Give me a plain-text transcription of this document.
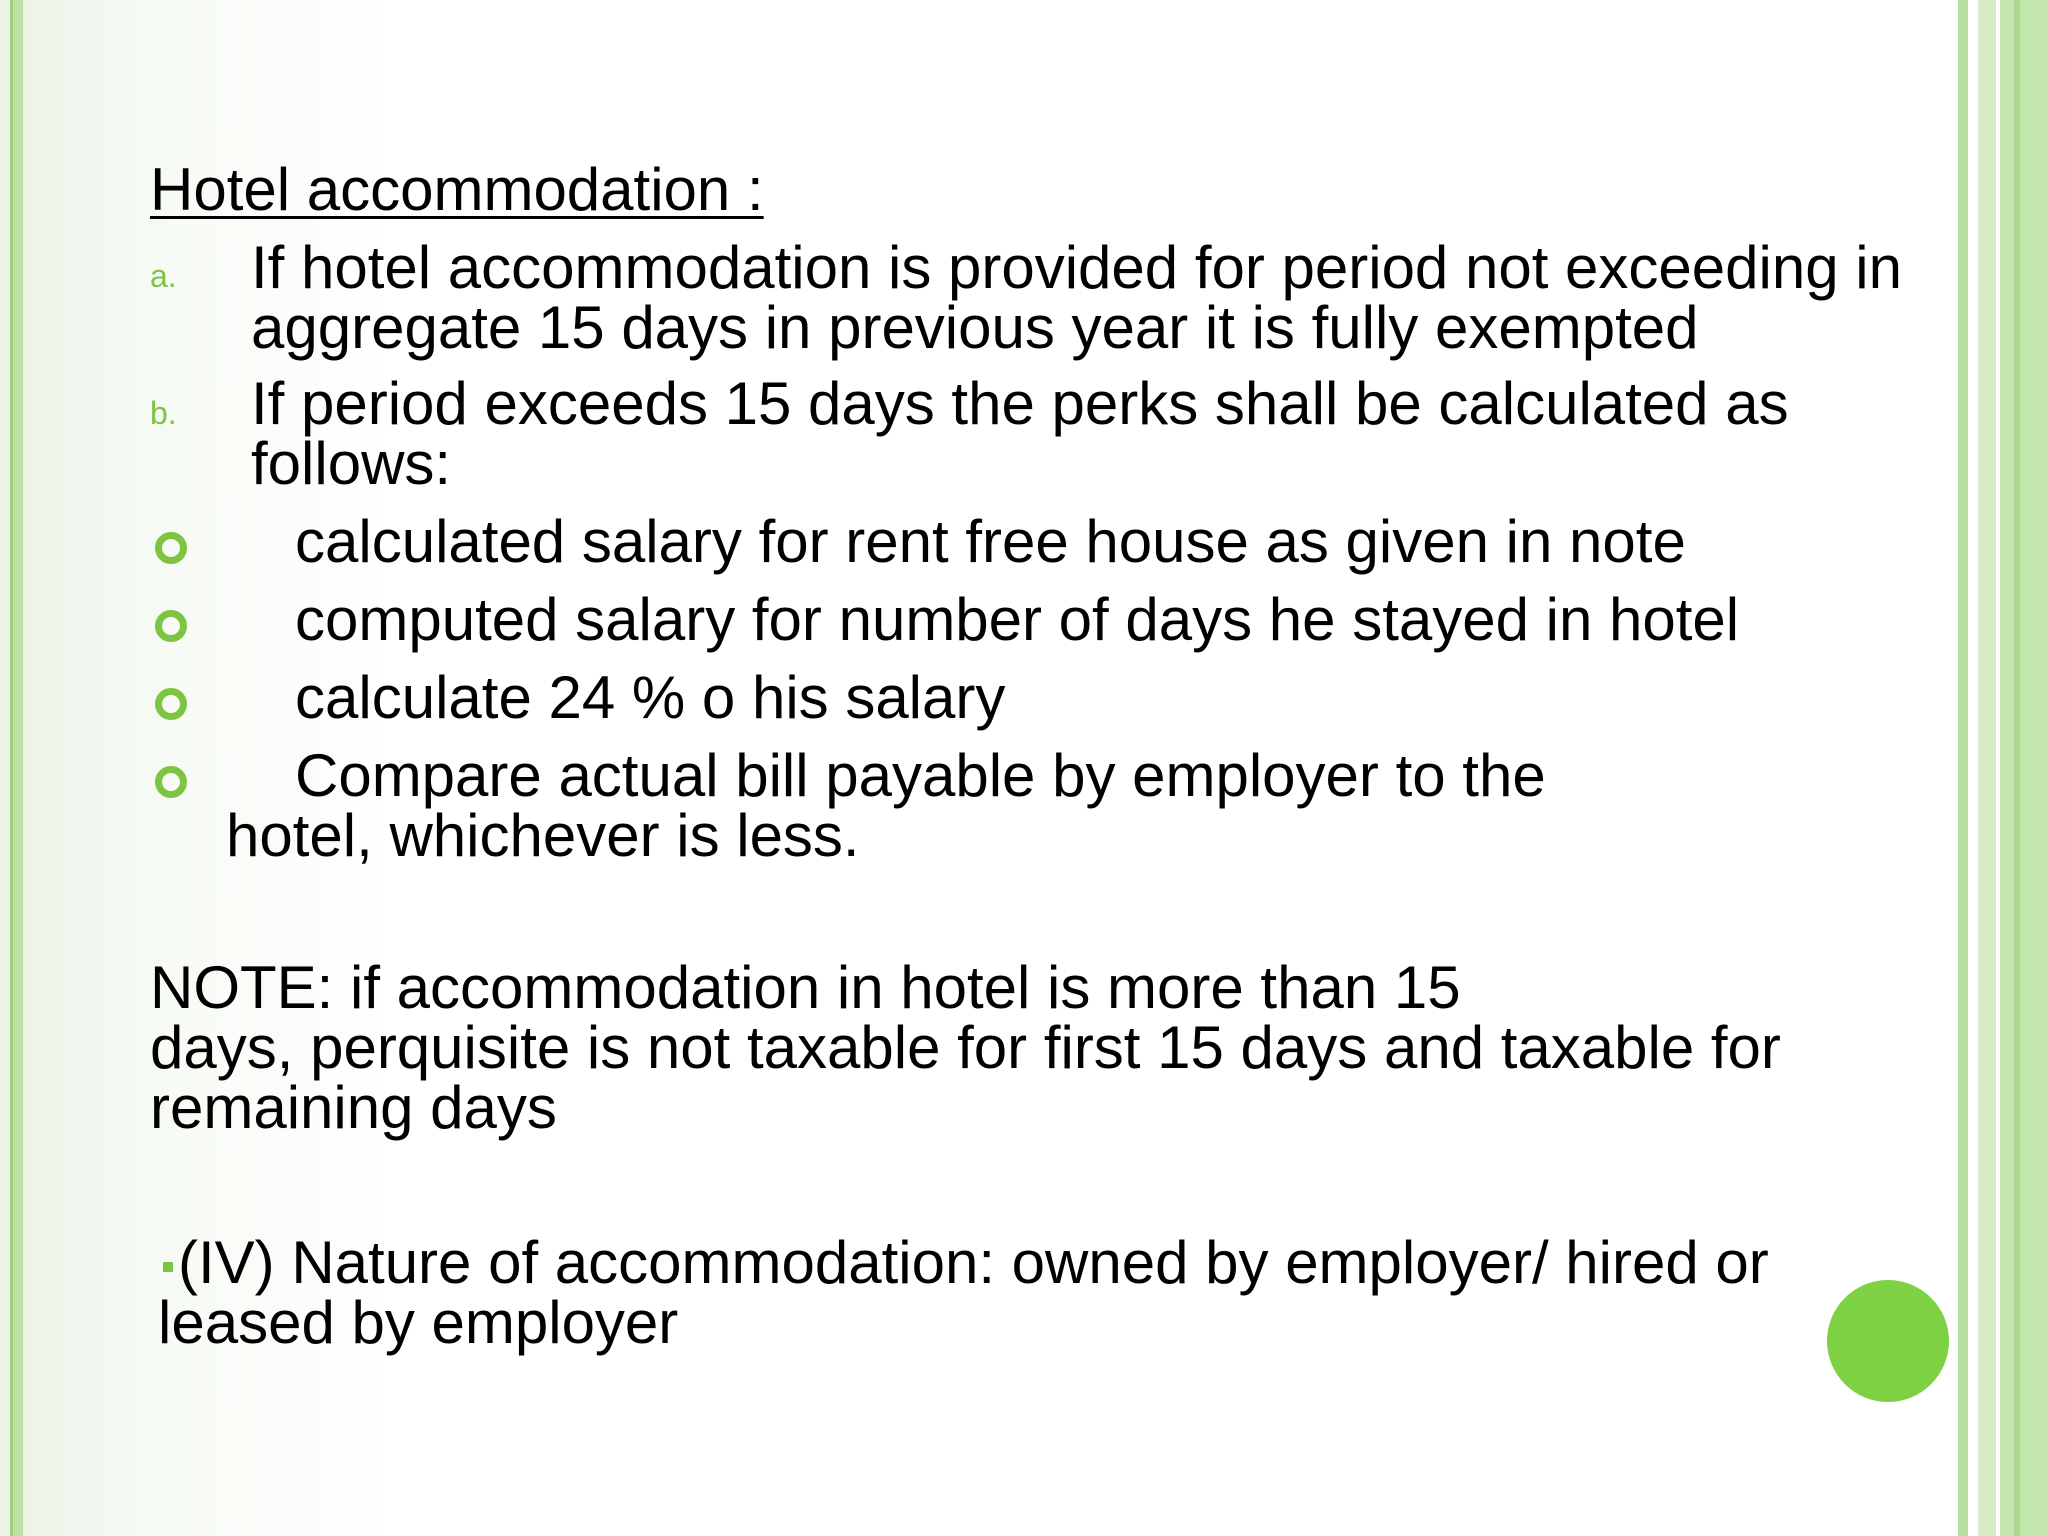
Hotel accommodation :
a. If hotel accommodation is provided for period not exceeding in
aggregate 15 days in previous year it is fully exempted
b. If period exceeds 15 days the perks shall be calculated as
follows:
calculated salary for rent free house as given in note
computed salary for number of days he stayed in hotel
calculate 24 % o his salary
Compare actual bill payable by employer to the
hotel, whichever is less.
NOTE: if accommodation in hotel is more than 15
days, perquisite is not taxable for first 15 days and taxable for
remaining days
(IV) Nature of accommodation: owned by employer/ hired or
leased by employer
